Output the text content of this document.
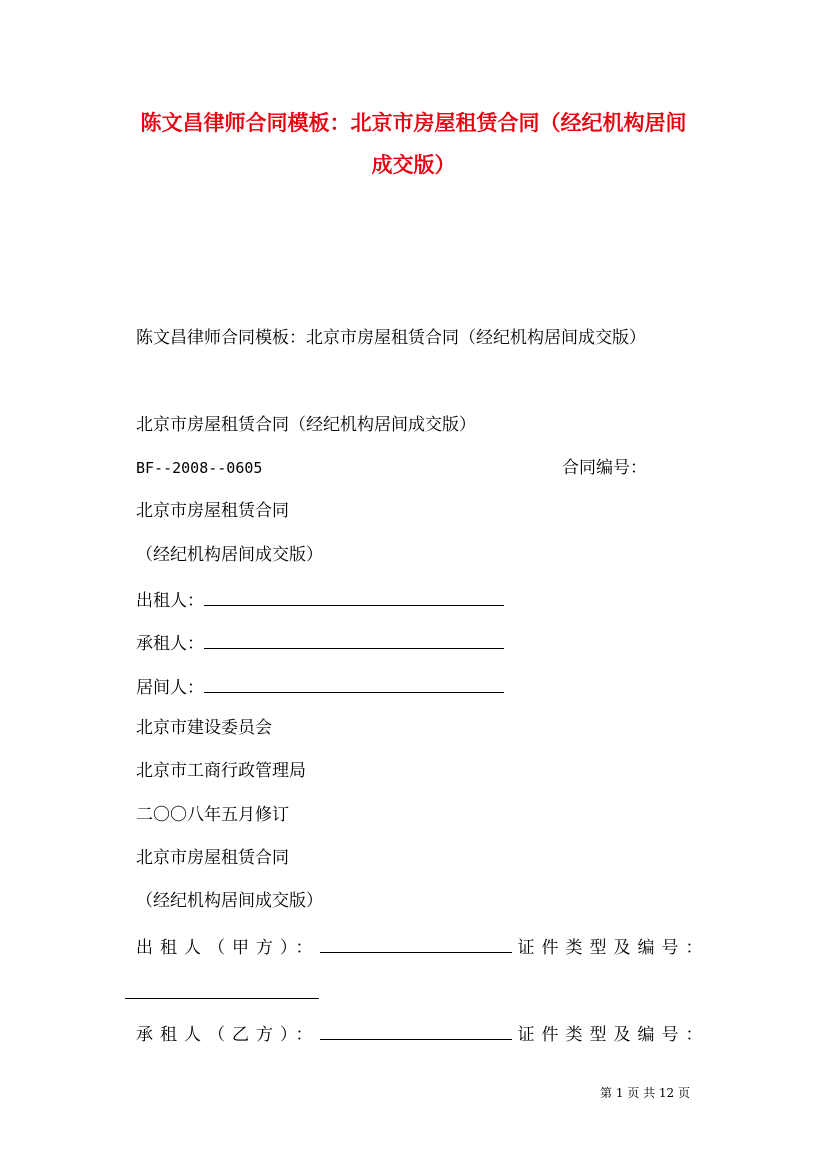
陈文昌律师合同模板：北京市房屋租赁合同（经纪机构居间
成交版）
陈文昌律师合同模板：北京市房屋租赁合同（经纪机构居间成交版）
北京市房屋租赁合同（经纪机构居间成交版）
BF--2008--0605	合同编号：
北京市房屋租赁合同
（经纪机构居间成交版）
出租人：
承租人：
居间人：
北京市建设委员会
北京市工商行政管理局
二〇〇八年五月修订
北京市房屋租赁合同
（经纪机构居间成交版）
出租人（甲方）：	证件类型及编号：
承租人（乙方）：	证件类型及编号：
第 1 页 共 12 页
